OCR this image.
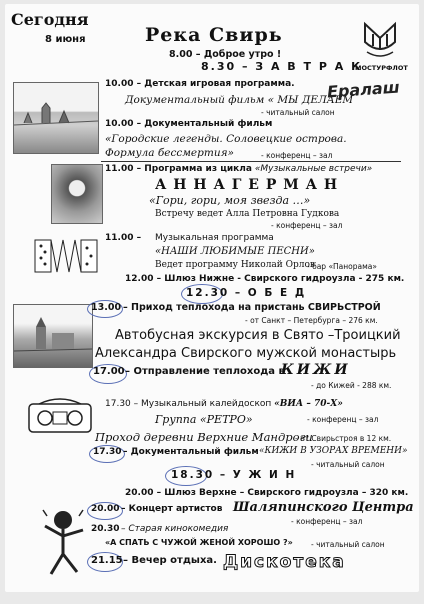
Сегодня
8 июня	Река Свирь
8.00 – Доброе утро !
МОСТУРФЛОТ
8.30 – З А В Т Р А К
10.00 – Детская игровая программа.
Документальный фильм « МЫ ДЕЛАЕМ
Ералаш
- читальный салон
10.00 – Документальный фильм
«Городские легенды. Соловецкие острова.
Формула бессмертия»	- конференц – зал
11.00 – Программа из цикла «Музыкальные встречи»
А Н Н А Г Е Р М А Н
«Гори, гори, моя звезда …»
Встречу ведет Алла Петровна Гудкова
- конференц – зал
11.00 – Музыкальная программа
«НАШИ ЛЮБИМЫЕ ПЕСНИ»
Ведет программу Николай Орлов
- бар «Панорама»
12.00 – Шлюз Нижне - Свирского гидроузла - 275 км.
12.30 – О Б Е Д
13.00 – Приход теплохода на пристань СВИРЬСТРОЙ
- от Санкт – Петербурга – 276 км.
Автобусная экскурсия в Свято –Троицкий
Александра Свирского мужской монастырь
17.00 – Отправление теплохода в
КИЖИ
- до Кижей - 288 км.
17.30 – Музыкальный калейдоскоп «ВИА – 70-Х»
Группа «РЕТРО»	- конференц – зал
Проход деревни Верхние Мандроги
- от Свирьстроя в 12 км.
17.30 – Документальный фильм «КИЖИ В УЗОРАХ ВРЕМЕНИ»
- читальный салон
18.30 – У Ж И Н
20.00 – Шлюз Верхне – Свирского гидроузла – 320 км.
20.00 – Концерт артистов Шаляпинского Центра
- конференц – зал
20.30 – Старая кинокомедия
«А СПАТЬ С ЧУЖОЙ ЖЕНОЙ ХОРОШО ?» - читальный салон
21.15 – Вечер отдыха. Дискотека
